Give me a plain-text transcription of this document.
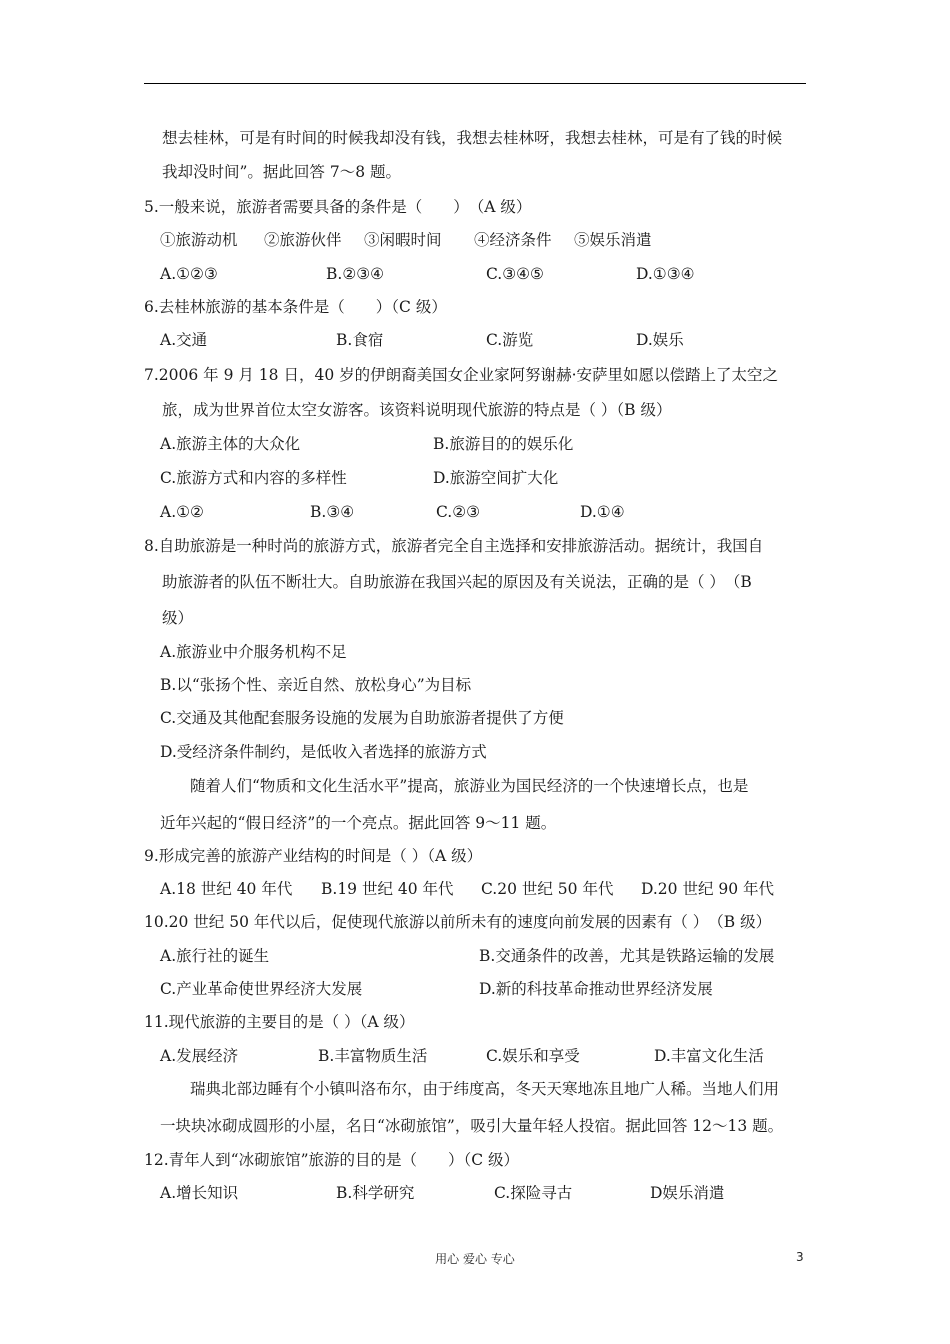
想去桂林，可是有时间的时候我却没有钱，我想去桂林呀，我想去桂林，可是有了钱的时候
我却没时间”。据此回答 7～8 题。
5.一般来说，旅游者需要具备的条件是（　　）　（A 级）
①旅游动机 ②旅游伙伴 ③闲暇时间 ④经济条件 ⑤娱乐消遣
A.①②③	B.②③④	C.③④⑤	D.①③④
6.去桂林旅游的基本条件是（　　）（C 级）
A.交通	B.食宿	C.游览	D.娱乐
7.2006 年 9 月 18 日，40 岁的伊朗裔美国女企业家阿努谢赫·安萨里如愿以偿踏上了太空之
旅，成为世界首位太空女游客。该资料说明现代旅游的特点是（ ）（B 级）
A.旅游主体的大众化	B.旅游目的的娱乐化
C.旅游方式和内容的多样性	D.旅游空间扩大化
A.①②	B.③④	C.②③	D.①④
8.自助旅游是一种时尚的旅游方式，旅游者完全自主选择和安排旅游活动。据统计，我国自
助旅游者的队伍不断壮大。自助旅游在我国兴起的原因及有关说法，正确的是（ ）　（B
级）
A.旅游业中介服务机构不足
B.以“张扬个性、亲近自然、放松身心”为目标
C.交通及其他配套服务设施的发展为自助旅游者提供了方便
D.受经济条件制约，是低收入者选择的旅游方式
随着人们“物质和文化生活水平”提高，旅游业为国民经济的一个快速增长点，也是
近年兴起的“假日经济”的一个亮点。据此回答 9～11 题。
9.形成完善的旅游产业结构的时间是（ ）（A 级）
A.18 世纪 40 年代 B.19 世纪 40 年代 C.20 世纪 50 年代 D.20 世纪 90 年代
10.20 世纪 50 年代以后，促使现代旅游以前所未有的速度向前发展的因素有（ ）　（B 级）
A.旅行社的诞生	B.交通条件的改善，尤其是铁路运输的发展
C.产业革命使世界经济大发展	D.新的科技革命推动世界经济发展
11.现代旅游的主要目的是（ ）（A 级）
A.发展经济	B.丰富物质生活	C.娱乐和享受	D.丰富文化生活
瑞典北部边睡有个小镇叫洛布尔，由于纬度高，冬天天寒地冻且地广人稀。当地人们用
一块块冰砌成圆形的小屋，名日“冰砌旅馆”，吸引大量年轻人投宿。据此回答 12～13 题。
12.青年人到“冰砌旅馆”旅游的目的是（　　）（C 级）
A.增长知识	B.科学研究	C.探险寻古	D娱乐消遣
用心 爱心 专心	3
